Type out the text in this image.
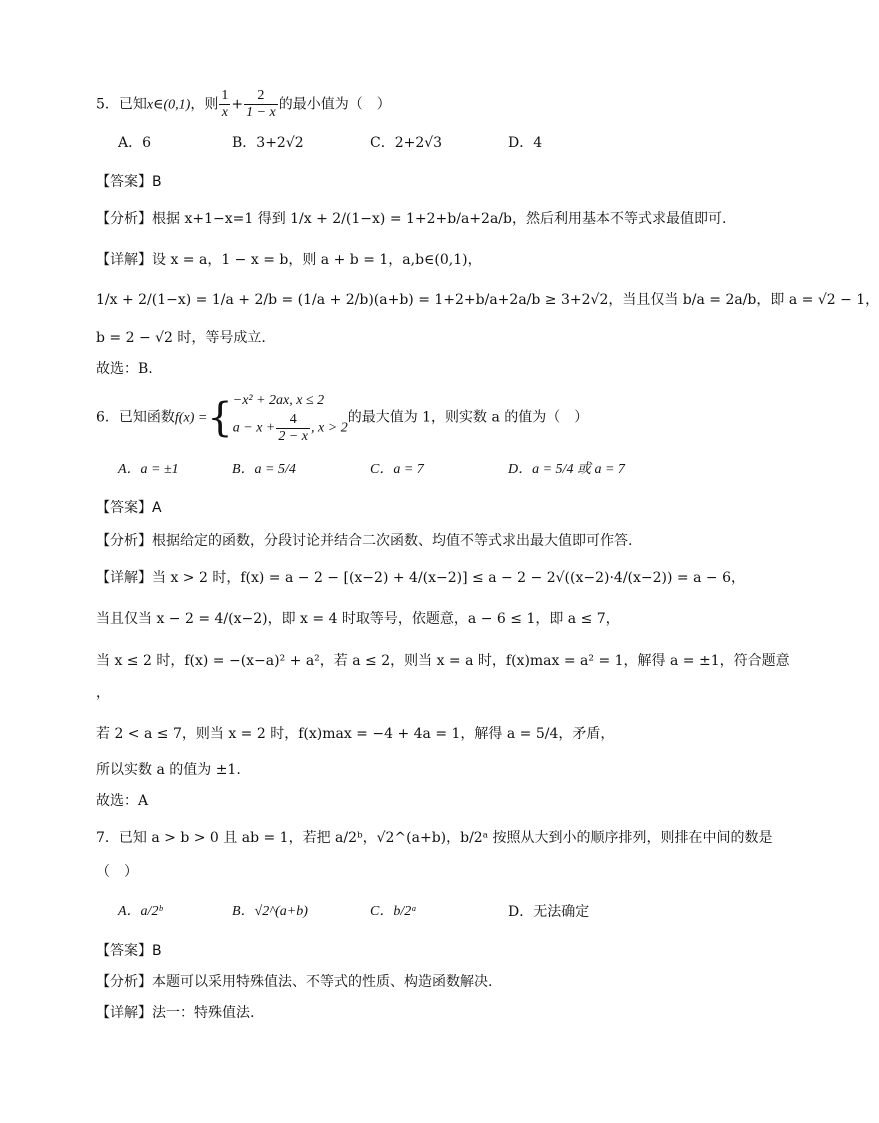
5．已知x∈(0,1)，则 $\frac{1}{x} + \frac{2}{1 - x}$ 的最小值为（　）
A．6	B．3+2√2	C．2+2√3	D．4
【答案】B
【分析】根据 x+1−x=1 得到 1/x + 2/(1−x) = 1+2+b/a+2a/b，然后利用基本不等式求最值即可.
【详解】设 x = a，1 − x = b，则 a + b = 1，a,b∈(0,1)，
1/x + 2/(1−x) = 1/a + 2/b = (1/a + 2/b)(a+b) = 1+2+b/a+2a/b ≥ 3+2√2，当且仅当 b/a = 2a/b，即 a = √2 − 1，
b = 2 − √2 时，等号成立.
故选：B.
6．已知函数f(x) ={ −x² + 2ax, x ≤ 2
$a - x + \frac{4}{2 - x}$ , x > 2
的最大值为 1，则实数 a 的值为（　）
A．a = ±1	B．a = 5/4	C．a = 7	D．a = 5/4 或 a = 7
【答案】A
【分析】根据给定的函数，分段讨论并结合二次函数、均值不等式求出最大值即可作答.
【详解】当 x > 2 时，f(x) = a − 2 − [(x−2) + 4/(x−2)] ≤ a − 2 − 2√((x−2)·4/(x−2)) = a − 6，
当且仅当 x − 2 = 4/(x−2)，即 x = 4 时取等号，依题意，a − 6 ≤ 1，即 a ≤ 7，
当 x ≤ 2 时，f(x) = −(x−a)² + a²，若 a ≤ 2，则当 x = a 时，f(x)max = a² = 1，解得 a = ±1，符合题意
，
若 2 < a ≤ 7，则当 x = 2 时，f(x)max = −4 + 4a = 1，解得 a = 5/4，矛盾，
所以实数 a 的值为 ±1.
故选：A
7．已知 a > b > 0 且 ab = 1，若把 a/2ᵇ，√2^(a+b)，b/2ᵃ 按照从大到小的顺序排列，则排在中间的数是
（　）
A．a/2ᵇ	B．√2^(a+b)	C．b/2ᵃ	D．无法确定
【答案】B
【分析】本题可以采用特殊值法、不等式的性质、构造函数解决.
【详解】法一：特殊值法.
